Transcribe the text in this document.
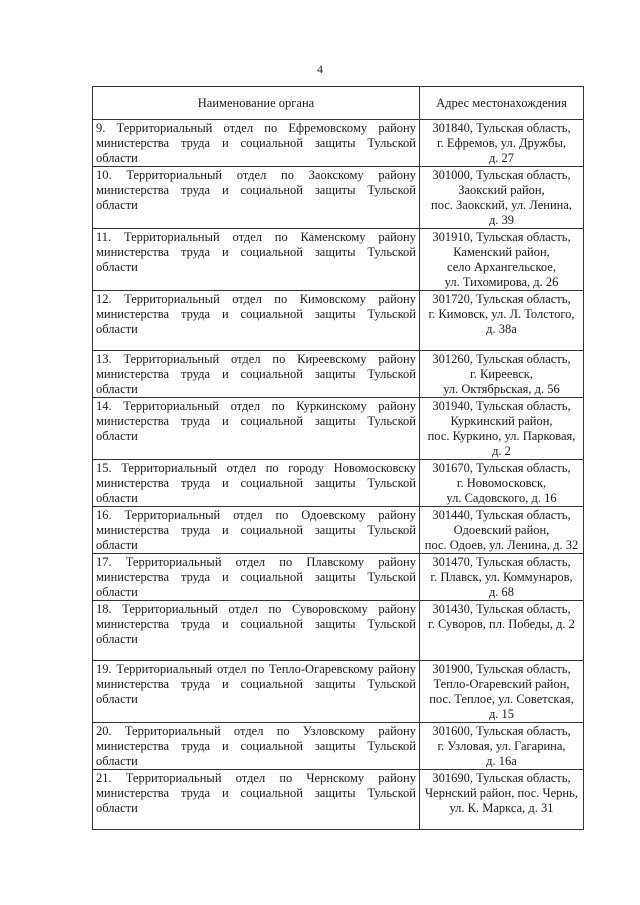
4
Наименование органа	Адрес местонахождения
9. Территориальный отдел по Ефремовскому району министерства труда и социальной защиты Тульской области	301840, Тульская область,
г. Ефремов, ул. Дружбы,
д. 27

10. Территориальный отдел по Заокскому району министерства труда и социальной защиты Тульской области	301000, Тульская область,
Заокский район,
пос. Заокский, ул. Ленина,
д. 39

11. Территориальный отдел по Каменскому району министерства труда и социальной защиты Тульской области	301910, Тульская область,
Каменский район,
село Архангельское,
ул. Тихомирова, д. 26

12. Территориальный отдел по Кимовскому району министерства труда и социальной защиты Тульской области	301720, Тульская область,
г. Кимовск, ул. Л. Толстого,
д. 38а

13. Территориальный отдел по Киреевскому району министерства труда и социальной защиты Тульской области	301260, Тульская область,
г. Киреевск,
ул. Октябрьская, д. 56

14. Территориальный отдел по Куркинскому району министерства труда и социальной защиты Тульской области	301940, Тульская область,
Куркинский район,
пос. Куркино, ул. Парковая,
д. 2

15. Территориальный отдел по городу Новомосковску министерства труда и социальной защиты Тульской области	301670, Тульская область,
г. Новомосковск,
ул. Садовского, д. 16

16. Территориальный отдел по Одоевскому району министерства труда и социальной защиты Тульской области	301440, Тульская область,
Одоевский район,
пос. Одоев, ул. Ленина, д. 32

17. Территориальный отдел по Плавскому району министерства труда и социальной защиты Тульской области	301470, Тульская область,
г. Плавск, ул. Коммунаров,
д. 68

18. Территориальный отдел по Суворовскому району министерства труда и социальной защиты Тульской области	301430, Тульская область,
г. Суворов, пл. Победы, д. 2

19. Территориальный отдел по Тепло-Огаревскому району министерства труда и социальной защиты Тульской области	301900, Тульская область,
Тепло-Огаревский район,
пос. Теплое, ул. Советская,
д. 15

20. Территориальный отдел по Узловскому району министерства труда и социальной защиты Тульской области	301600, Тульская область,
г. Узловая, ул. Гагарина,
д. 16а

21. Территориальный отдел по Чернскому району министерства труда и социальной защиты Тульской области	301690, Тульская область,
Чернский район, пос. Чернь,
ул. К. Маркса, д. 31
